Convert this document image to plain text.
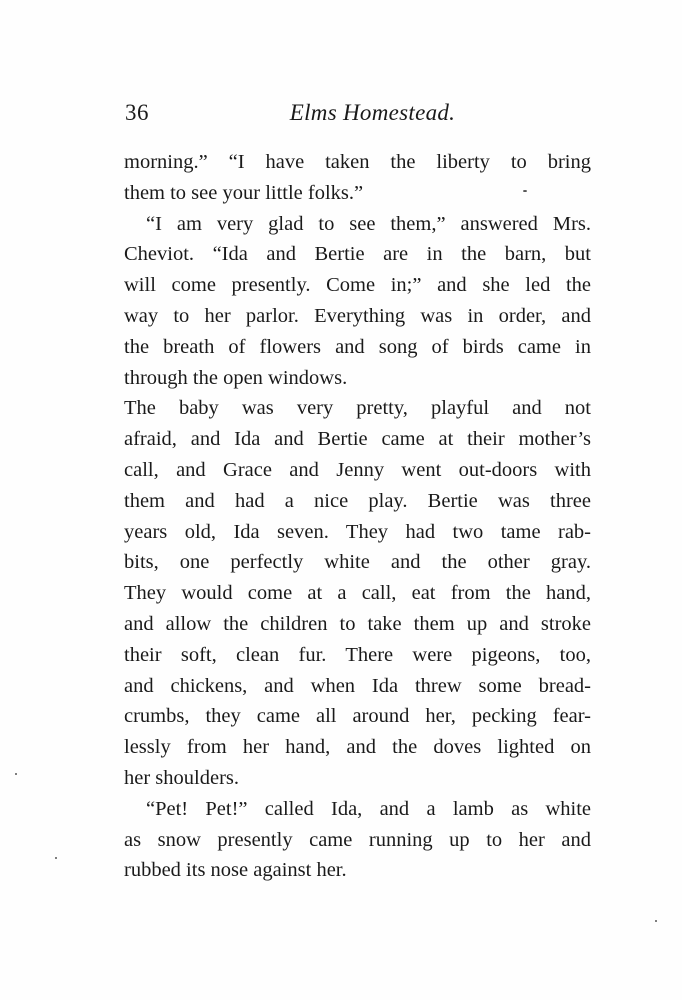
36	Elms Homestead.
morning.” “I have taken the liberty to bring
them to see your little folks.”
“I am very glad to see them,” answered Mrs.
Cheviot. “Ida and Bertie are in the barn, but
will come presently. Come in;” and she led the
way to her parlor. Everything was in order, and
the breath of flowers and song of birds came in
through the open windows.
The baby was very pretty, playful and not
afraid, and Ida and Bertie came at their mother’s
call, and Grace and Jenny went out-doors with
them and had a nice play. Bertie was three
years old, Ida seven. They had two tame rab-
bits, one perfectly white and the other gray.
They would come at a call, eat from the hand,
and allow the children to take them up and stroke
their soft, clean fur. There were pigeons, too,
and chickens, and when Ida threw some bread-
crumbs, they came all around her, pecking fear-
lessly from her hand, and the doves lighted on
her shoulders.
“Pet! Pet!” called Ida, and a lamb as white
as snow presently came running up to her and
rubbed its nose against her.
